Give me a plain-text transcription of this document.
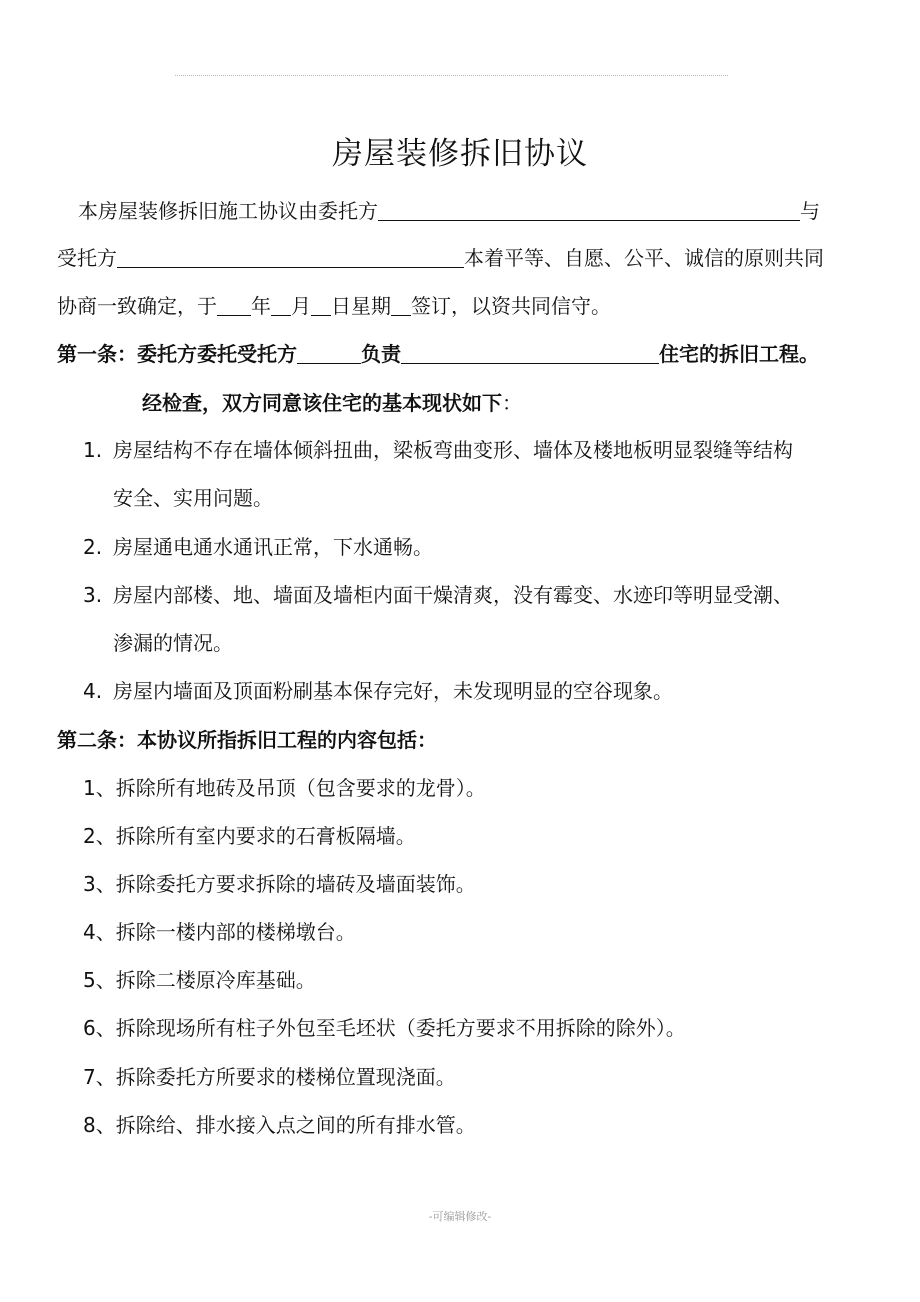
房屋装修拆旧协议
本房屋装修拆旧施工协议由委托方	与
受托方	本着平等、自愿、公平、诚信的原则共同
协商一致确定，于 年 月 日星期 签订，以资共同信守。
第一条：委托方委托受托方	负责	住宅的拆旧工程。
经检查，双方同意该住宅的基本现状如下：
1. 房屋结构不存在墙体倾斜扭曲，梁板弯曲变形、墙体及楼地板明显裂缝等结构
安全、实用问题。
2. 房屋通电通水通讯正常，下水通畅。
3. 房屋内部楼、地、墙面及墙柜内面干燥清爽，没有霉变、水迹印等明显受潮、
渗漏的情况。
4. 房屋内墙面及顶面粉刷基本保存完好，未发现明显的空谷现象。
第二条：本协议所指拆旧工程的内容包括：
1、拆除所有地砖及吊顶（包含要求的龙骨）。
2、拆除所有室内要求的石膏板隔墙。
3、拆除委托方要求拆除的墙砖及墙面装饰。
4、拆除一楼内部的楼梯墩台。
5、拆除二楼原冷库基础。
6、拆除现场所有柱子外包至毛坯状（委托方要求不用拆除的除外）。
7、拆除委托方所要求的楼梯位置现浇面。
8、拆除给、排水接入点之间的所有排水管。
-可编辑修改-
